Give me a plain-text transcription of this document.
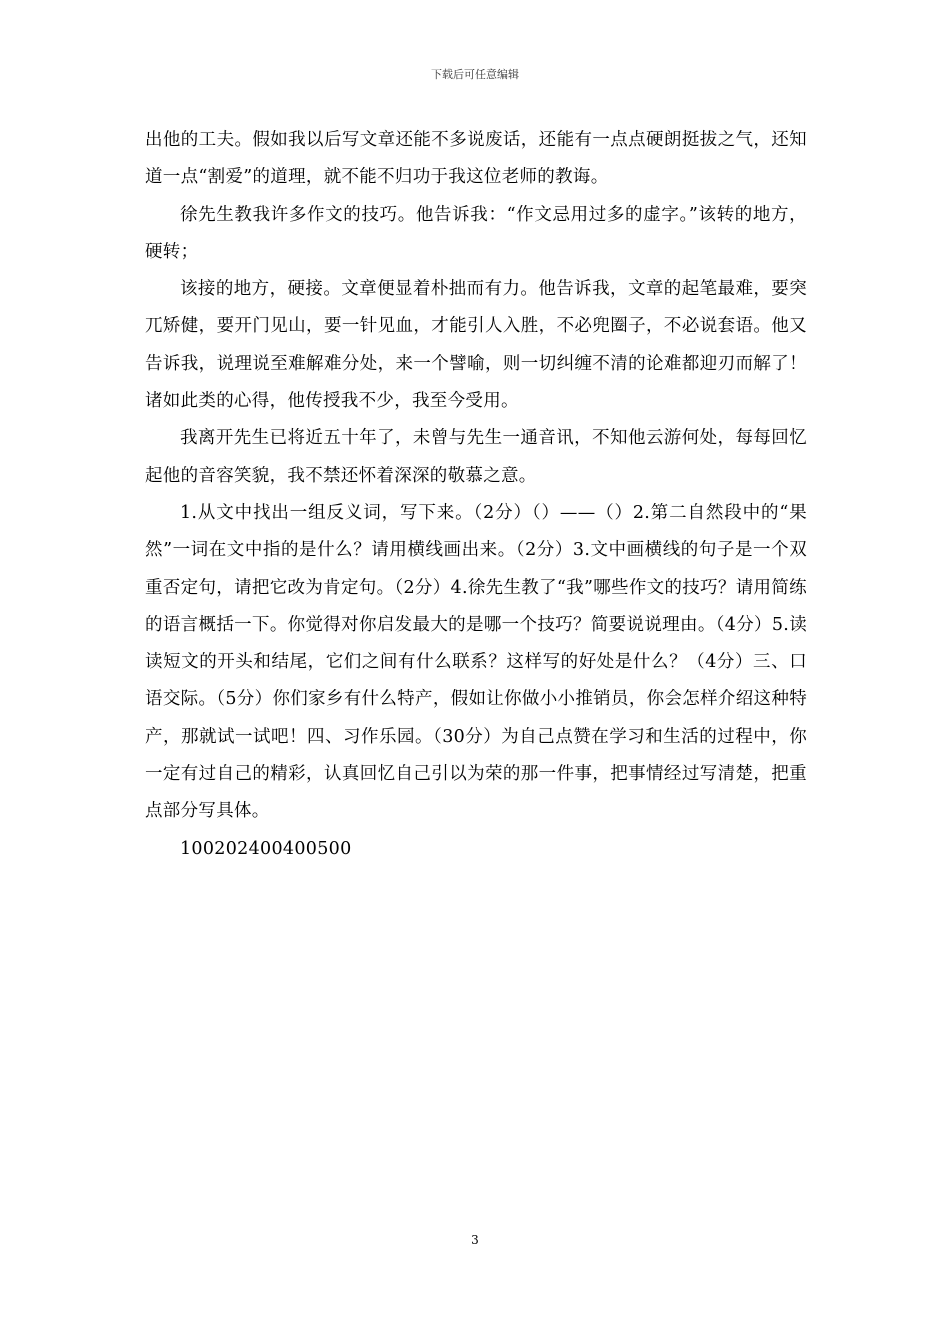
下载后可任意编辑

出他的工夫。假如我以后写文章还能不多说废话，还能有一点点硬朗挺拔之气，还知道一点“割爱”的道理，就不能不归功于我这位老师的教诲。

徐先生教我许多作文的技巧。他告诉我：“作文忌用过多的虚字。”该转的地方，硬转；

该接的地方，硬接。文章便显着朴拙而有力。他告诉我，文章的起笔最难，要突兀矫健，要开门见山，要一针见血，才能引人入胜，不必兜圈子，不必说套语。他又告诉我，说理说至难解难分处，来一个譬喻，则一切纠缠不清的论难都迎刃而解了！诸如此类的心得，他传授我不少，我至今受用。

我离开先生已将近五十年了，未曾与先生一通音讯，不知他云游何处，每每回忆起他的音容笑貌，我不禁还怀着深深的敬慕之意。

1.从文中找出一组反义词，写下来。（2分）（）——（）2.第二自然段中的“果然”一词在文中指的是什么？请用横线画出来。（2分）3.文中画横线的句子是一个双重否定句，请把它改为肯定句。（2分）4.徐先生教了“我”哪些作文的技巧？请用简练的语言概括一下。你觉得对你启发最大的是哪一个技巧？简要说说理由。（4分）5.读读短文的开头和结尾，它们之间有什么联系？这样写的好处是什么？（4分）三、口语交际。（5分）你们家乡有什么特产，假如让你做小小推销员，你会怎样介绍这种特产，那就试一试吧！四、习作乐园。（30分）为自己点赞在学习和生活的过程中，你一定有过自己的精彩，认真回忆自己引以为荣的那一件事，把事情经过写清楚，把重点部分写具体。

100202400400500

3
